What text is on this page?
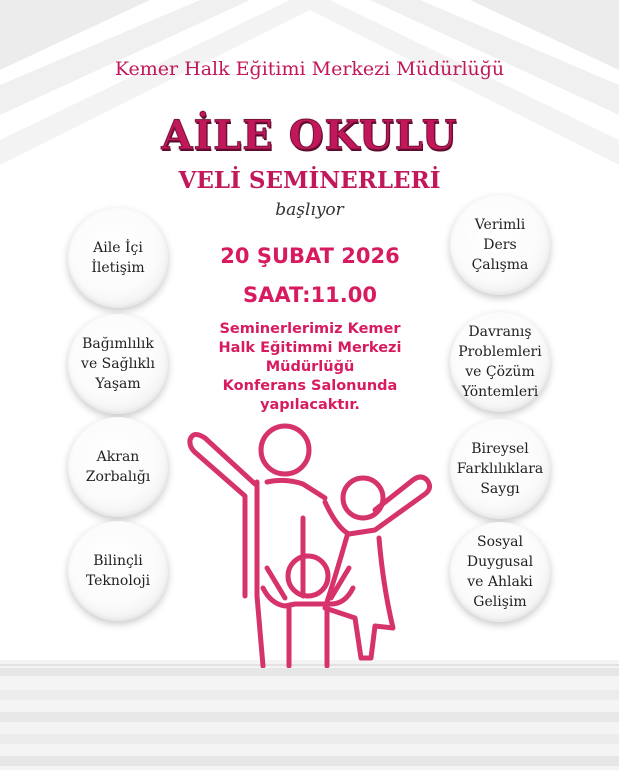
Kemer Halk Eğitimi Merkezi Müdürlüğü
AİLE OKULU
VELİ SEMİNERLERİ
başlıyor
20 ŞUBAT 2026
SAAT:11.00
Seminerlerimiz Kemer
Halk Eğitimmi Merkezi
Müdürlüğü
Konferans Salonunda
yapılacaktır.
Aile İçi
İletişim
Bağımlılık
ve Sağlıklı
Yaşam
Akran
Zorbalığı
Bilinçli
Teknoloji
Verimli
Ders
Çalışma
Davranış
Problemleri
ve Çözüm
Yöntemleri
Bireysel
Farklılıklara
Saygı
Sosyal
Duygusal
ve Ahlaki
Gelişim
